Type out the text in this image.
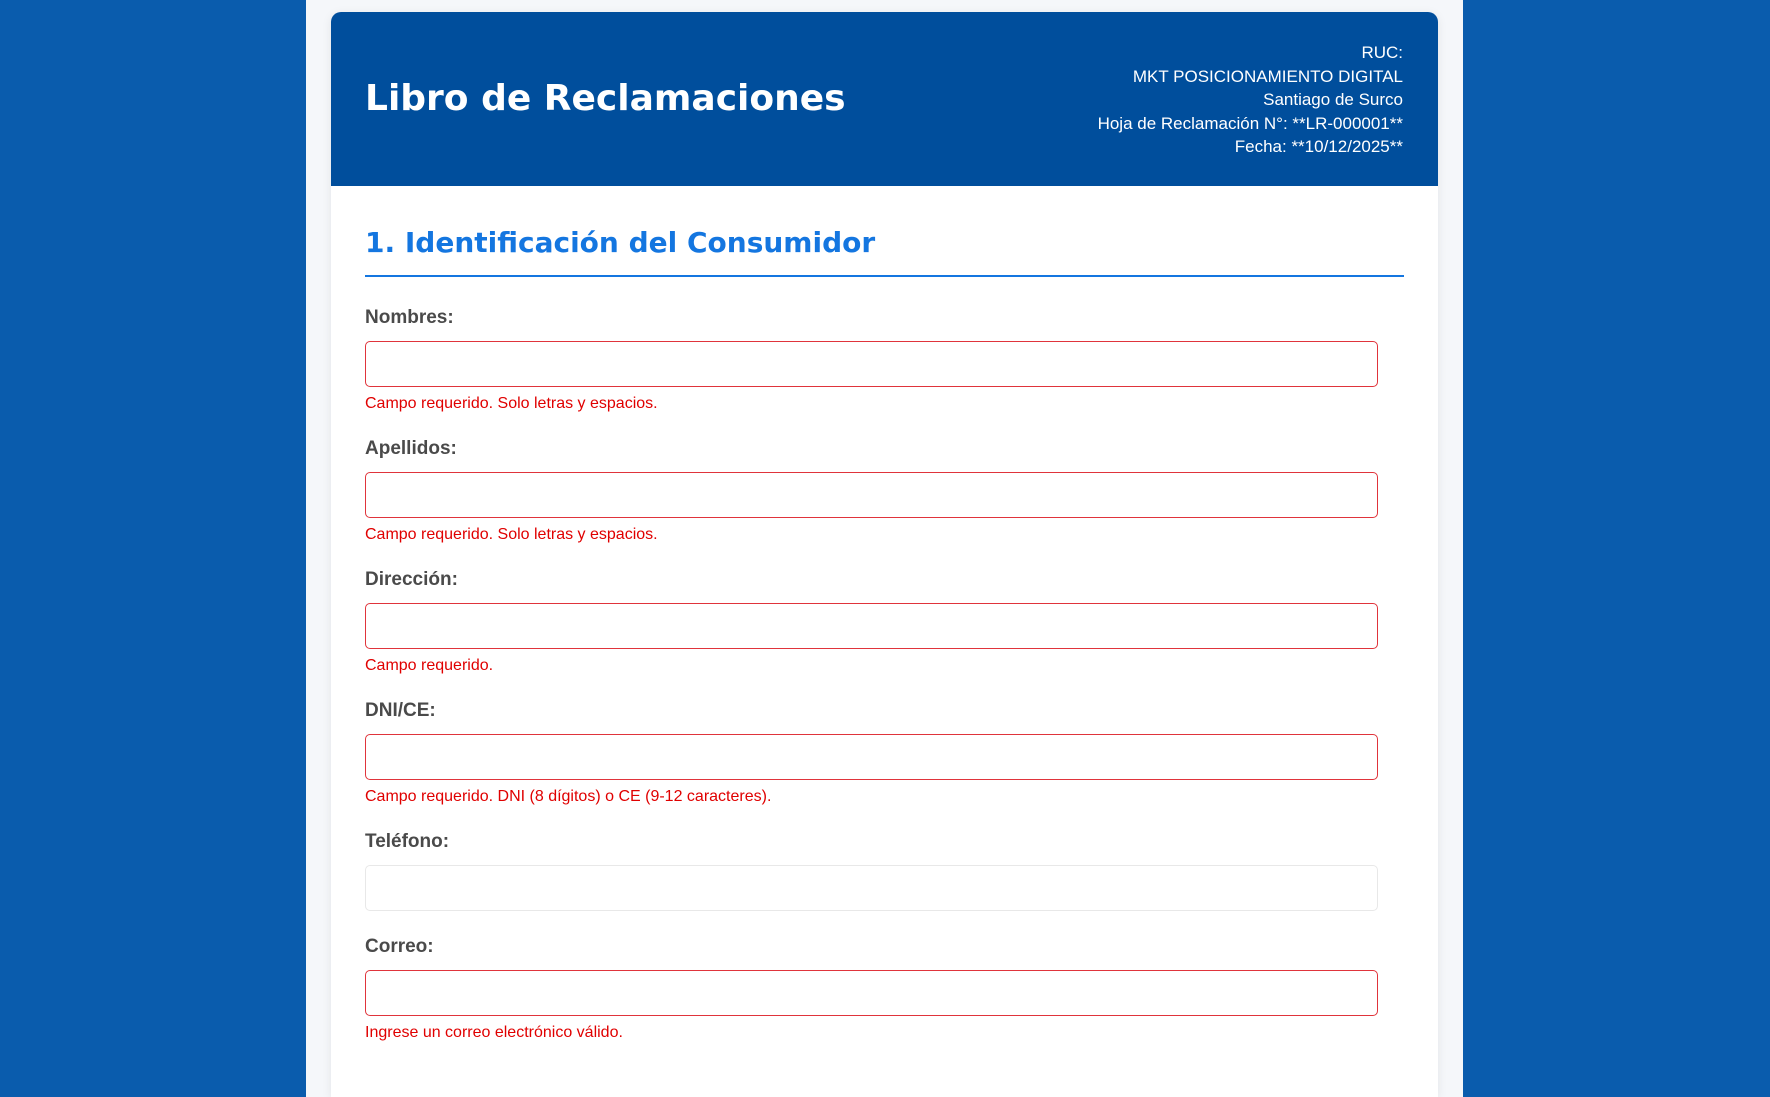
Libro de Reclamaciones
RUC:
MKT POSICIONAMIENTO DIGITAL
Santiago de Surco
Hoja de Reclamación N°: **LR-000001**
Fecha: **10/12/2025**
1. Identificación del Consumidor
Nombres:
Campo requerido. Solo letras y espacios.
Apellidos:
Campo requerido. Solo letras y espacios.
Dirección:
Campo requerido.
DNI/CE:
Campo requerido. DNI (8 dígitos) o CE (9-12 caracteres).
Teléfono:
Correo:
Ingrese un correo electrónico válido.
